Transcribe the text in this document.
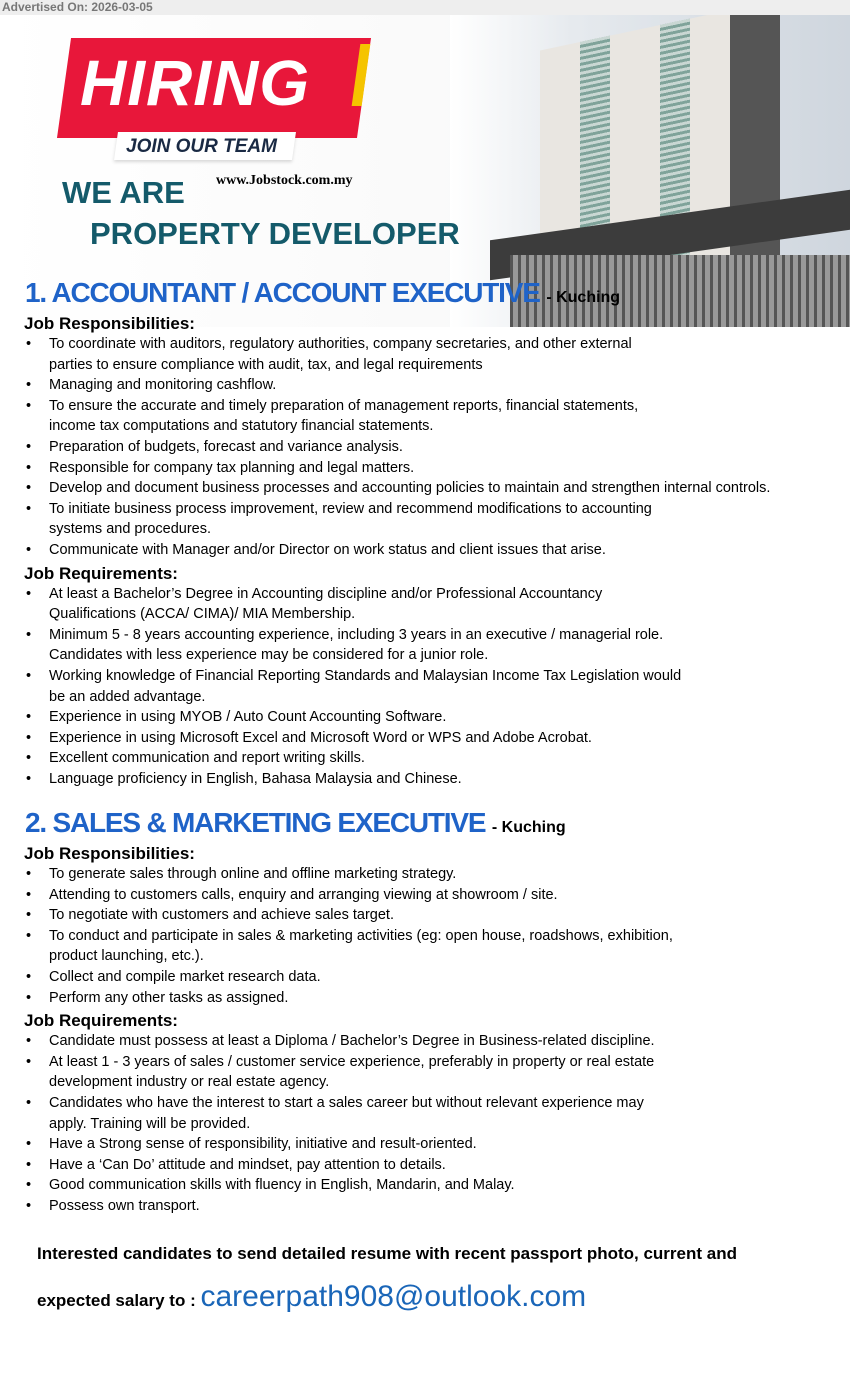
Advertised On: 2026-03-05
HIRING
JOIN OUR TEAM
www.Jobstock.com.my
WE ARE
PROPERTY DEVELOPER
1. ACCOUNTANT / ACCOUNT EXECUTIVE - Kuching
Job Responsibilities:
• To coordinate with auditors, regulatory authorities, company secretaries, and other external
parties to ensure compliance with audit, tax, and legal requirements
• Managing and monitoring cashflow.
• To ensure the accurate and timely preparation of management reports, financial statements,
income tax computations and statutory financial statements.
• Preparation of budgets, forecast and variance analysis.
• Responsible for company tax planning and legal matters.
• Develop and document business processes and accounting policies to maintain and strengthen internal controls.
• To initiate business process improvement, review and recommend modifications to accounting
systems and procedures.
• Communicate with Manager and/or Director on work status and client issues that arise.
Job Requirements:
• At least a Bachelor’s Degree in Accounting discipline and/or Professional Accountancy
Qualifications (ACCA/ CIMA)/ MIA Membership.
• Minimum 5 - 8 years accounting experience, including 3 years in an executive / managerial role.
Candidates with less experience may be considered for a junior role.
• Working knowledge of Financial Reporting Standards and Malaysian Income Tax Legislation would
be an added advantage.
• Experience in using MYOB / Auto Count Accounting Software.
• Experience in using Microsoft Excel and Microsoft Word or WPS and Adobe Acrobat.
• Excellent communication and report writing skills.
• Language proficiency in English, Bahasa Malaysia and Chinese.
2. SALES & MARKETING EXECUTIVE - Kuching
Job Responsibilities:
• To generate sales through online and offline marketing strategy.
• Attending to customers calls, enquiry and arranging viewing at showroom / site.
• To negotiate with customers and achieve sales target.
• To conduct and participate in sales & marketing activities (eg: open house, roadshows, exhibition,
product launching, etc.).
• Collect and compile market research data.
• Perform any other tasks as assigned.
Job Requirements:
• Candidate must possess at least a Diploma / Bachelor’s Degree in Business-related discipline.
• At least 1 - 3 years of sales / customer service experience, preferably in property or real estate
development industry or real estate agency.
• Candidates who have the interest to start a sales career but without relevant experience may
apply. Training will be provided.
• Have a Strong sense of responsibility, initiative and result-oriented.
• Have a ‘Can Do’ attitude and mindset, pay attention to details.
• Good communication skills with fluency in English, Mandarin, and Malay.
• Possess own transport.
Interested candidates to send detailed resume with recent passport photo, current and
expected salary to : careerpath908@outlook.com
